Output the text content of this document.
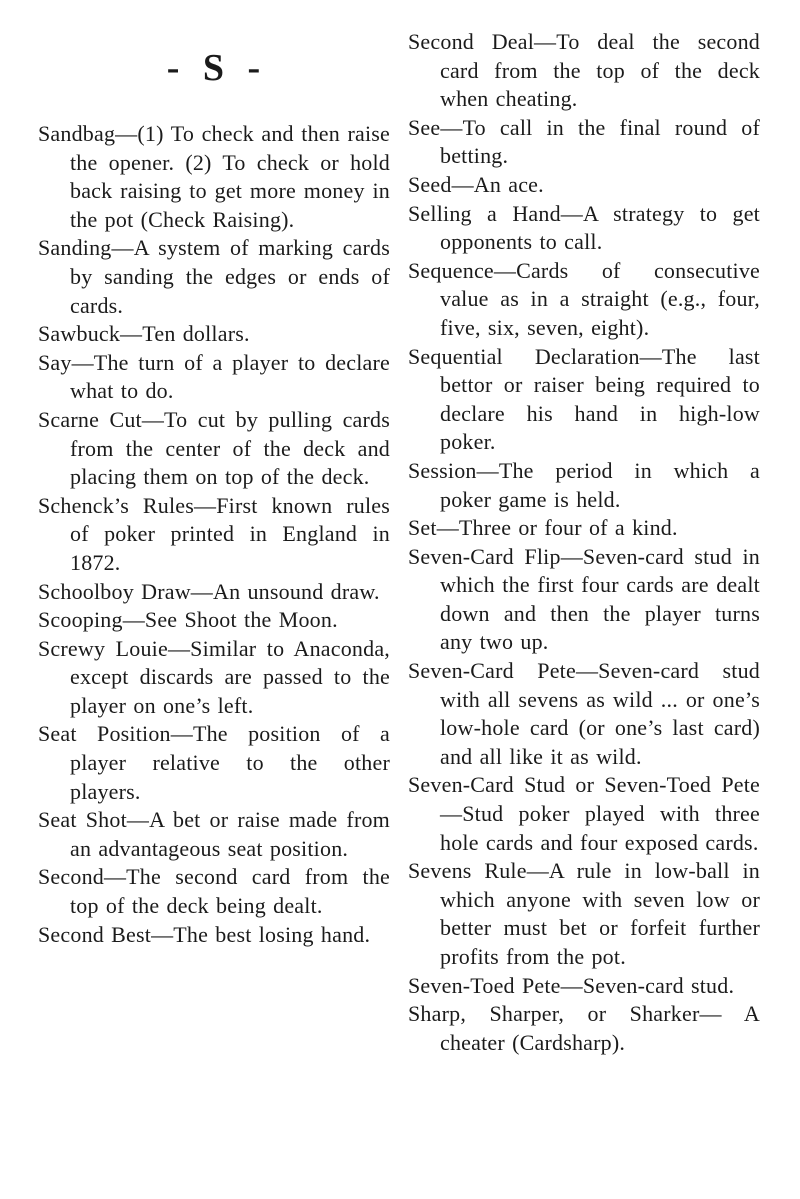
- S -

Sandbag—(1) To check and then raise the opener. (2) To check or hold back raising to get more money in the pot (Check Raising).

Sanding—A system of marking cards by sanding the edges or ends of cards.

Sawbuck—Ten dollars.

Say—The turn of a player to declare what to do.

Scarne Cut—To cut by pulling cards from the center of the deck and placing them on top of the deck.

Schenck’s Rules—First known rules of poker printed in England in 1872.

Schoolboy Draw—An unsound draw.

Scooping—See Shoot the Moon.

Screwy Louie—Similar to Anaconda, except discards are passed to the player on one’s left.

Seat Position—The position of a player relative to the other players.

Seat Shot—A bet or raise made from an advantageous seat position.

Second—The second card from the top of the deck being dealt.

Second Best—The best losing hand.

Second Deal—To deal the second card from the top of the deck when cheating.

See—To call in the final round of betting.

Seed—An ace.

Selling a Hand—A strategy to get opponents to call.

Sequence—Cards of consecutive value as in a straight (e.g., four, five, six, seven, eight).

Sequential Declaration—The last bettor or raiser being required to declare his hand in high-low poker.

Session—The period in which a poker game is held.

Set—Three or four of a kind.

Seven-Card Flip—Seven-card stud in which the first four cards are dealt down and then the player turns any two up.

Seven-Card Pete—Seven-card stud with all sevens as wild ... or one’s low-hole card (or one’s last card) and all like it as wild.

Seven-Card Stud or Seven-Toed Pete—Stud poker played with three hole cards and four exposed cards.

Sevens Rule—A rule in low-ball in which anyone with seven low or better must bet or forfeit further profits from the pot.

Seven-Toed Pete—Seven-card stud.

Sharp, Sharper, or Sharker— A cheater (Cardsharp).
